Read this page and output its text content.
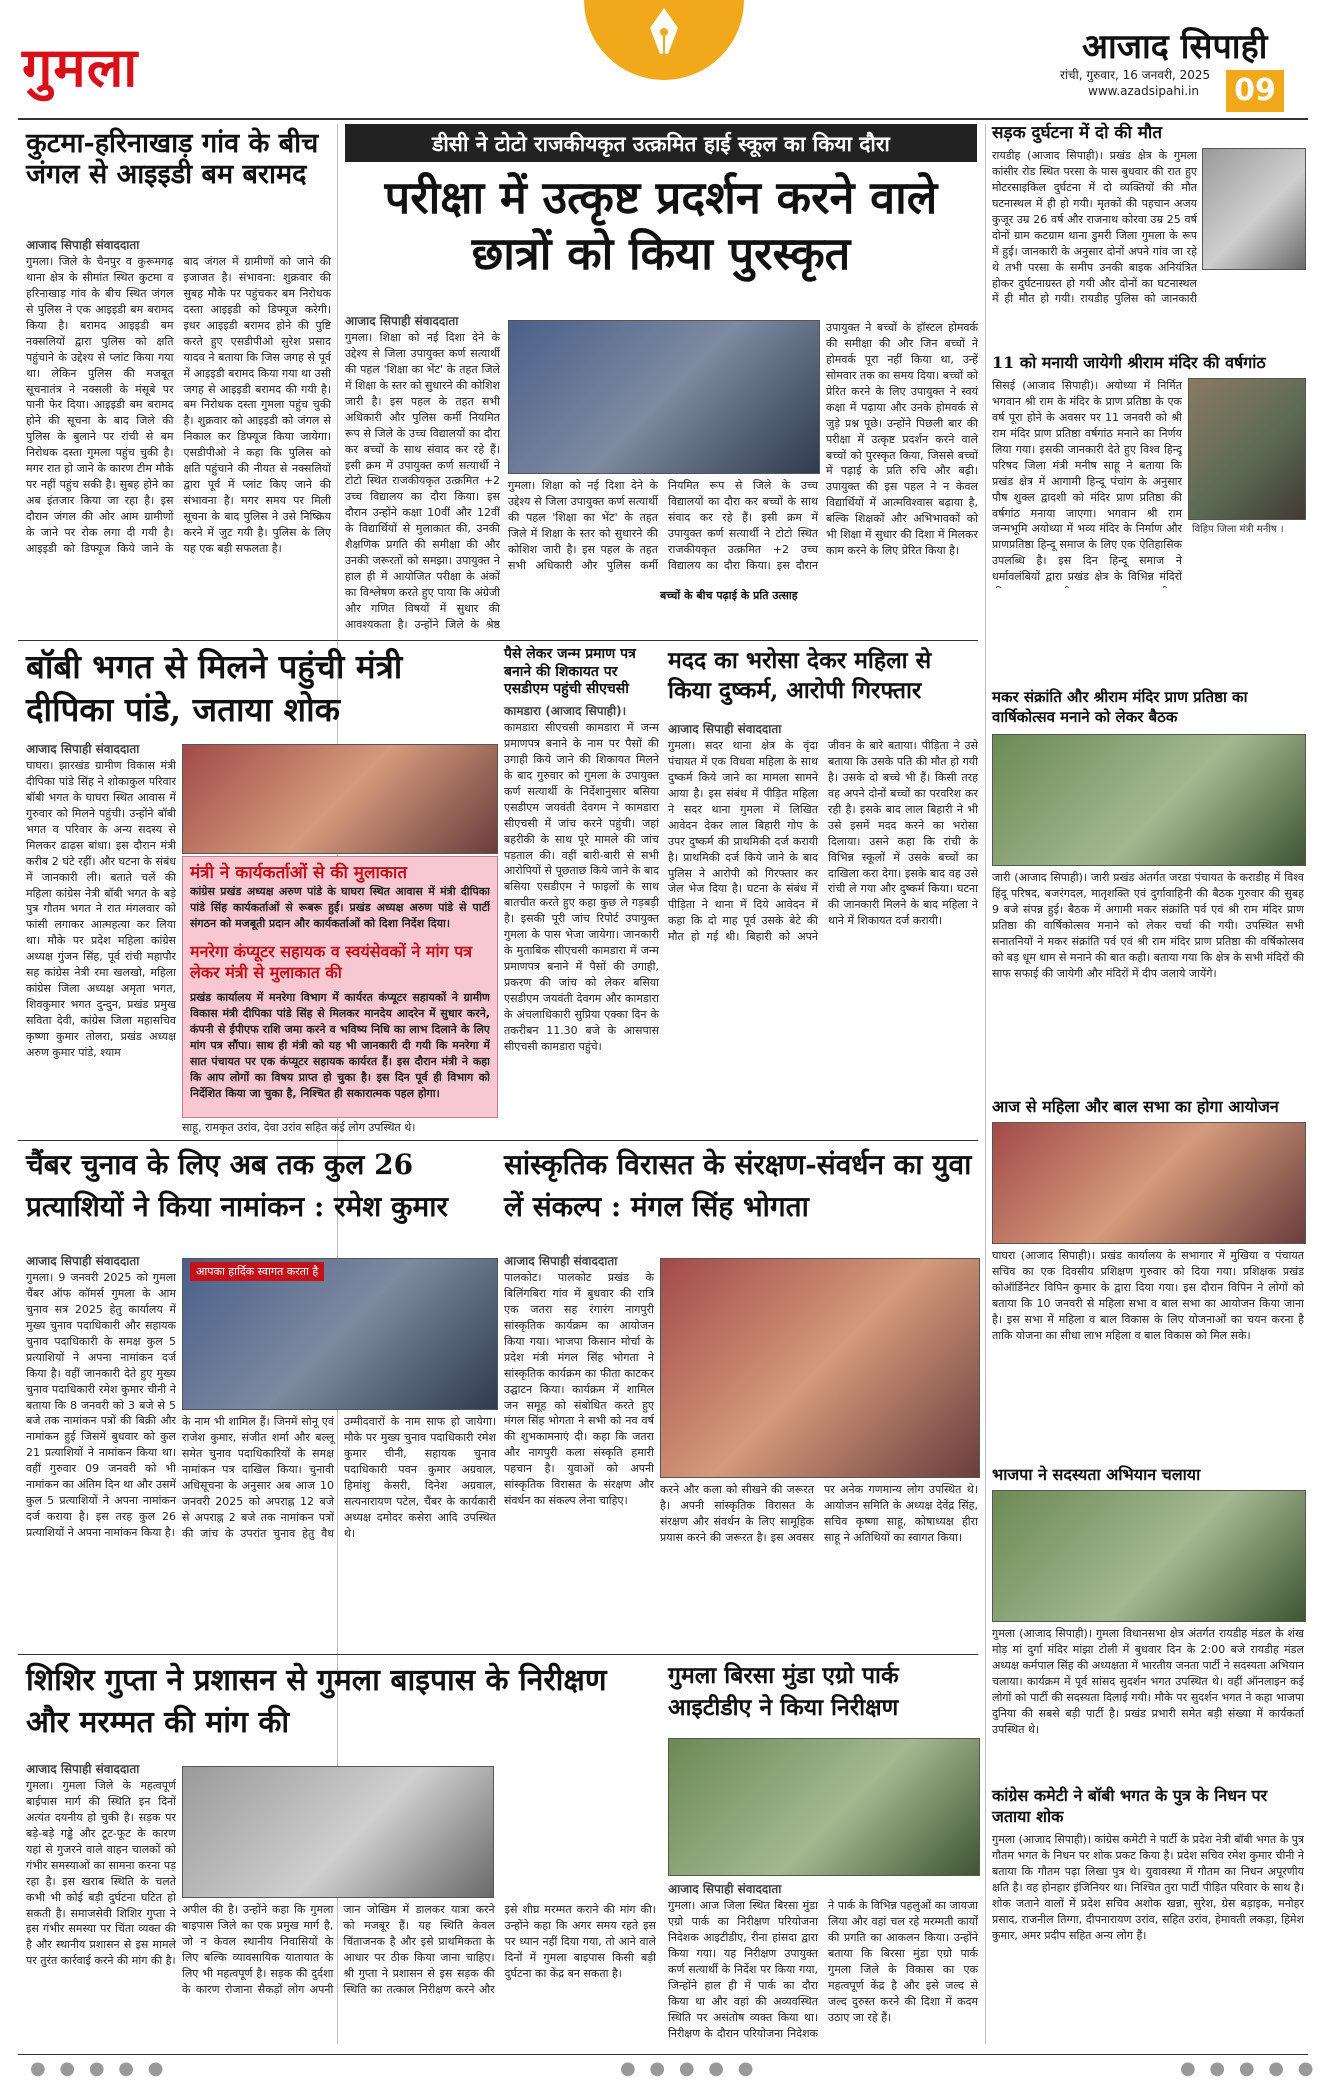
गुमला	आजाद सिपाही
रांची, गुरुवार, 16 जनवरी, 2025
www.azadsipahi.in 09
कुटमा-हरिनाखाड़ गांव के बीच जंगल से आइइडी बम बरामद
आजाद सिपाही संवाददाता
गुमला। जिले के चैनपुर व कुरूमगढ़ थाना क्षेत्र के सीमांत स्थित कुटमा व हरिनाखाड़ गांव के बीच स्थित जंगल से पुलिस ने एक आइइडी बम बरामद किया है। बरामद आइइडी बम नक्सलियों द्वारा पुलिस को क्षति पहुंचाने के उद्देश्य से प्लांट किया गया था। लेकिन पुलिस की मजबूत सूचनातंत्र ने नक्सली के मंसूबे पर पानी फेर दिया। आइइडी बम बरामद होने की सूचना के बाद जिले की पुलिस के बुलाने पर रांची से बम निरोधक दस्ता गुमला पहुंच चुकी है। मगर रात हो जाने के कारण टीम मौके पर नहीं पहुंच सकी है। सुबह होने का अब इंतजार किया जा रहा है। इस दौरान जंगल की ओर आम ग्रामीणों के जाने पर रोक लगा दी गयी है। आइइडी को डिफ्यूज किये जाने के बाद जंगल में ग्रामीणों को जाने की इजाजत है। संभावना: शुक्रवार की सुबह मौके पर पहुंचकर बम निरोधक दस्ता आइइडी को डिफ्यूज करेगी। इधर आइइडी बरामद होने की पुष्टि करते हुए एसडीपीओ सुरेश प्रसाद यादव ने बताया कि जिस जगह से पूर्व में आइइडी बरामद किया गया था उसी जगह से आइइडी बरामद की गयी है। बम निरोधक दस्ता गुमला पहुंच चुकी है। शुक्रवार को आइइडी को जंगल से निकाल कर डिफ्यूज किया जायेगा। एसडीपीओ ने कहा कि पुलिस को क्षति पहुंचाने की नीयत से नक्सलियों द्वारा पूर्व में प्लांट किए जाने की संभावना है। मगर समय पर मिली सूचना के बाद पुलिस ने उसे निष्क्रिय करने में जुट गयी है। पुलिस के लिए यह एक बड़ी सफलता है।
डीसी ने टोटो राजकीयकृत उत्क्रमित हाई स्कूल का किया दौरा
परीक्षा में उत्कृष्ट प्रदर्शन करने वाले छात्रों को किया पुरस्कृत
आजाद सिपाही संवाददाता
गुमला। शिक्षा को नई दिशा देने के उद्देश्य से जिला उपायुक्त कर्ण सत्यार्थी की पहल 'शिक्षा का भेंट' के तहत जिले में शिक्षा के स्तर को सुधारने की कोशिश जारी है। इस पहल के तहत सभी अधिकारी और पुलिस कर्मी नियमित रूप से जिले के उच्च विद्यालयों का दौरा कर बच्चों के साथ संवाद कर रहे हैं। इसी क्रम में उपायुक्त कर्ण सत्यार्थी ने टोटो स्थित राजकीयकृत उत्क्रमित +2 उच्च विद्यालय का दौरा किया। इस दौरान उन्होंने कक्षा 10वीं और 12वीं के विद्यार्थियों से मुलाकात की, उनकी शैक्षणिक प्रगति की समीक्षा की और उनकी जरूरतों को समझा। उपायुक्त ने हाल ही में आयोजित परीक्षा के अंकों का विश्लेषण करते हुए पाया कि अंग्रेजी और गणित विषयों में सुधार की आवश्यकता है। उन्होंने जिले के श्रेष्ठ
गुमला। शिक्षा को नई दिशा देने के उद्देश्य से जिला उपायुक्त कर्ण सत्यार्थी की पहल 'शिक्षा का भेंट' के तहत जिले में शिक्षा के स्तर को सुधारने की कोशिश जारी है। इस पहल के तहत सभी अधिकारी और पुलिस कर्मी नियमित रूप से जिले के उच्च विद्यालयों का दौरा कर बच्चों के साथ संवाद कर रहे हैं। इसी क्रम में उपायुक्त कर्ण सत्यार्थी ने टोटो स्थित राजकीयकृत उत्क्रमित +2 उच्च विद्यालय का दौरा किया। इस दौरान
बच्चों के बीच पढ़ाई के प्रति उत्साह
उपायुक्त ने बच्चों के हॉस्टल होमवर्क की समीक्षा की और जिन बच्चों ने होमवर्क पूरा नहीं किया था, उन्हें सोमवार तक का समय दिया। बच्चों को प्रेरित करने के लिए उपायुक्त ने स्वयं कक्षा में पढ़ाया और उनके होमवर्क से जुड़े प्रश्न पूछे। उन्होंने पिछली बार की परीक्षा में उत्कृष्ट प्रदर्शन करने वाले बच्चों को पुरस्कृत किया, जिससे बच्चों में पढ़ाई के प्रति रुचि और बढ़ी। उपायुक्त की इस पहल ने न केवल विद्यार्थियों में आत्मविश्वास बढ़ाया है, बल्कि शिक्षकों और अभिभावकों को भी शिक्षा में सुधार की दिशा में मिलकर काम करने के लिए प्रेरित किया है।
सड़क दुर्घटना में दो की मौत
रायडीह (आजाद सिपाही)। प्रखंड क्षेत्र के गुमला कांसीर रोड स्थित परसा के पास बुधवार की रात हुए मोटरसाइकिल दुर्घटना में दो व्यक्तियों की मौत घटनास्थल में ही हो गयी। मृतकों की पहचान अजय कुजूर उम्र 26 वर्ष और राजनाथ कोरवा उम्र 25 वर्ष दोनों ग्राम कटग्राम थाना डुमरी जिला गुमला के रूप में हुई। जानकारी के अनुसार दोनों अपने गांव जा रहे थे तभी परसा के समीप उनकी बाइक अनियंत्रित होकर दुर्घटनाग्रस्त हो गयी और दोनों का घटनास्थल में ही मौत हो गयी। रायडीह पुलिस को जानकारी
11 को मनायी जायेगी श्रीराम मंदिर की वर्षगांठ
सिसई (आजाद सिपाही)। अयोध्या में निर्मित भगवान श्री राम के मंदिर के प्राण प्रतिष्ठा के एक वर्ष पूरा होने के अवसर पर 11 जनवरी को श्री राम मंदिर प्राण प्रतिष्ठा वर्षगांठ मनाने का निर्णय लिया गया। इसकी जानकारी देते हुए विश्व हिन्दू परिषद जिला मंत्री मनीष साहू ने बताया कि प्रखंड क्षेत्र में आगामी हिन्दू पंचांग के अनुसार पौष शुक्ल द्वादशी को मंदिर प्राण प्रतिष्ठा की वर्षगांठ मनाया जाएगा। भगवान श्री राम जन्मभूमि अयोध्या में भव्य मंदिर के निर्माण और प्राणप्रतिष्ठा हिन्दू समाज के लिए एक ऐतिहासिक उपलब्धि है। इस दिन हिन्दू समाज ने धर्मावलंबियों द्वारा प्रखंड क्षेत्र के विभिन्न मंदिरों
विहिप जिला मंत्री मनीष ।
बॉबी भगत से मिलने पहुंची मंत्री दीपिका पांडे, जताया शोक
आजाद सिपाही संवाददाता
घाघरा। झारखंड ग्रामीण विकास मंत्री दीपिका पांडे सिंह ने शोकाकुल परिवार बॉबी भगत के घाघरा स्थित आवास में गुरुवार को मिलने पहुंची। उन्होंने बॉबी भगत व परिवार के अन्य सदस्य से मिलकर ढाढ़स बांधा। इस दौरान मंत्री करीब 2 घंटे रहीं। और घटना के संबंध में जानकारी ली। बताते चलें की महिला कांग्रेस नेत्री बॉबी भगत के बड़े पुत्र गौतम भगत ने रात मंगलवार को फांसी लगाकर आत्महत्या कर लिया था। मौके पर प्रदेश महिला कांग्रेस अध्यक्ष गुंजन सिंह, पूर्व रांची महापौर सह कांग्रेस नेत्री रमा खलखो, महिला कांग्रेस जिला अध्यक्ष अमृता भगत, शिवकुमार भगत दुन्दुन, प्रखंड प्रमुख सविता देवी, कांग्रेस जिला महासचिव कृष्णा कुमार तोलरा, प्रखंड अध्यक्ष अरुण कुमार पांडे, श्याम
मंत्री ने कार्यकर्ताओं से की मुलाकात
कांग्रेस प्रखंड अध्यक्ष अरुण पांडे के घाघरा स्थित आवास में मंत्री दीपिका पांडे सिंह कार्यकर्ताओं से रूबरू हुईं। प्रखंड अध्यक्ष अरुण पांडे से पार्टी संगठन को मजबूती प्रदान और कार्यकर्ताओं को दिशा निर्देश दिया।
मनरेगा कंप्यूटर सहायक व स्वयंसेवकों ने मांग पत्र लेकर मंत्री से मुलाकात की
प्रखंड कार्यालय में मनरेगा विभाग में कार्यरत कंप्यूटर सहायकों ने ग्रामीण विकास मंत्री दीपिका पांडे सिंह से मिलकर मानदेय आदरेन में सुधार करने, कंपनी से ईपीएफ राशि जमा करने व भविष्य निधि का लाभ दिलाने के लिए मांग पत्र सौंपा। साथ ही मंत्री को यह भी जानकारी दी गयी कि मनरेगा में सात पंचायत पर एक कंप्यूटर सहायक कार्यरत हैं। इस दौरान मंत्री ने कहा कि आप लोगों का विषय प्राप्त हो चुका है। इस दिन पूर्व ही विभाग को निर्देशित किया जा चुका है, निश्चित ही सकारात्मक पहल होगा।
साहू, रामकृत उरांव, देवा उरांव सहित कई लोग उपस्थित थे।
पैसे लेकर जन्म प्रमाण पत्र बनाने की शिकायत पर एसडीएम पहुंची सीएचसी
कामडारा (आजाद सिपाही)।
कामडारा सीएचसी कामडारा में जन्म प्रमाणपत्र बनाने के नाम पर पैसों की उगाही किये जाने की शिकायत मिलने के बाद गुरुवार को गुमला के उपायुक्त कर्ण सत्यार्थी के निर्देशानुसार बसिया एसडीएम जयवंती देवगम ने कामडारा सीएचसी में जांच करने पहुंची। जहां बहरीकी के साथ पूरे मामले की जांच पड़ताल की। वहीं बारी-बारी से सभी आरोपियों से पूछताछ किये जाने के बाद बसिया एसडीएम ने फाइलों के साथ बातचीत करते हुए कहा कुछ ले गड़बड़ी है। इसकी पूरी जांच रिपोर्ट उपायुक्त गुमला के पास भेजा जायेगा। जानकारी के मुताबिक सीएचसी कामडारा में जन्म प्रमाणपत्र बनाने में पैसों की उगाही, प्रकरण की जांच को लेकर बसिया एसडीएम जयवंती देवगम और कामडारा के अंचलाधिकारी सुप्रिया एक्का दिन के तकरीबन 11.30 बजे के आसपास सीएचसी कामडारा पहुंचे।
मदद का भरोसा देकर महिला से किया दुष्कर्म, आरोपी गिरफ्तार
आजाद सिपाही संवाददाता
गुमला। सदर थाना क्षेत्र के वृंदा पंचायत में एक विधवा महिला के साथ दुष्कर्म किये जाने का मामला सामने आया है। इस संबंध में पीड़ित महिला ने सदर थाना गुमला में लिखित आवेदन देकर लाल बिहारी गोप के उपर दुष्कर्म की प्राथमिकी दर्ज करायी है। प्राथमिकी दर्ज किये जाने के बाद पुलिस ने आरोपी को गिरफ्तार कर जेल भेज दिया है। घटना के संबंध में पीड़िता ने थाना में दिये आवेदन में कहा कि दो माह पूर्व उसके बेटे की मौत हो गई थी। बिहारी को अपने जीवन के बारे बताया। पीड़िता ने उसे बताया कि उसके पति की मौत हो गयी है। उसके दो बच्चे भी हैं। किसी तरह वह अपने दोनों बच्चों का परवरिश कर रही है। इसके बाद लाल बिहारी ने भी उसे इसमें मदद करने का भरोसा दिलाया। उसने कहा कि रांची के विभिन्न स्कूलों में उसके बच्चों का दाखिला करा देगा। इसके बाद वह उसे रांची ले गया और दुष्कर्म किया। घटना की जानकारी मिलने के बाद महिला ने थाने में शिकायत दर्ज करायी।
मकर संक्रांति और श्रीराम मंदिर प्राण प्रतिष्ठा का वार्षिकोत्सव मनाने को लेकर बैठक
जारी (आजाद सिपाही)। जारी प्रखंड अंतर्गत जरडा पंचायत के कराडीह में विश्व हिंदू परिषद, बजरंगदल, मातृशक्ति एवं दुर्गावाहिनी की बैठक गुरुवार की सुबह 9 बजे संपन्न हुई। बैठक में अगामी मकर संक्रांति पर्व एवं श्री राम मंदिर प्राण प्रतिष्ठा की वार्षिकोत्सव मनाने को लेकर चर्चा की गयी। उपस्थित सभी सनातनियों ने मकर संक्रांति पर्व एवं श्री राम मंदिर प्राण प्रतिष्ठा की वर्षिकोत्सव को बड़ धूम धाम से मनाने की बात कही। बताया गया कि क्षेत्र के सभी मंदिरों की साफ सफाई की जायेगी और मंदिरों में दीप जलाये जायेंगे।
आज से महिला और बाल सभा का होगा आयोजन
घाघरा (आजाद सिपाही)। प्रखंड कार्यालय के सभागार में मुखिया व पंचायत सचिव का एक दिवसीय प्रशिक्षण गुरुवार को दिया गया। प्रशिक्षक प्रखंड कोऑर्डिनेटर विपिन कुमार के द्वारा दिया गया। इस दौरान विपिन ने लोगों को बताया कि 10 जनवरी से महिला सभा व बाल सभा का आयोजन किया जाना है। इस सभा में महिला व बाल विकास के लिए योजनाओं का चयन करना है ताकि योजना का सीधा लाभ महिला व बाल विकास को मिल सके।
चैंबर चुनाव के लिए अब तक कुल 26 प्रत्याशियों ने किया नामांकन : रमेश कुमार
आजाद सिपाही संवाददाता
गुमला। 9 जनवरी 2025 को गुमला चैंबर ऑफ कॉमर्स गुमला के आम चुनाव सत्र 2025 हेतु कार्यालय में मुख्य चुनाव पदाधिकारी और सहायक चुनाव पदाधिकारी के समक्ष कुल 5 प्रत्याशियों ने अपना नामांकन दर्ज किया है। वहीं जानकारी देते हुए मुख्य चुनाव पदाधिकारी रमेश कुमार चीनी ने बताया कि 8 जनवरी को 3 बजे से 5 बजे तक नामांकन पत्रों की बिक्री और नामांकन हुई जिसमें बुधवार को कुल 21 प्रत्याशियों ने नामांकन किया था। वहीं गुरुवार 09 जनवरी को भी नामांकन का अंतिम दिन था और उसमें कुल 5 प्रत्याशियों ने अपना नामांकन दर्ज कराया है। इस तरह कुल 26 प्रत्याशियों ने अपना नामांकन किया है।
आपका हार्दिक स्वागत करता है
के नाम भी शामिल हैं। जिनमें सोनू एवं राजेश कुमार, संजीत शर्मा और बल्लू समेत चुनाव पदाधिकारियों के समक्ष नामांकन पत्र दाखिल किया। चुनावी अधिसूचना के अनुसार अब आज 10 जनवरी 2025 को अपराह्न 12 बजे से अपराह्न 2 बजे तक नामांकन पत्रों की जांच के उपरांत चुनाव हेतु वैध उम्मीदवारों के नाम साफ हो जायेगा। मौके पर मुख्य चुनाव पदाधिकारी रमेश कुमार चीनी, सहायक चुनाव पदाधिकारी पवन कुमार अग्रवाल, हिमांशु केसरी, दिनेश अग्रवाल, सत्यनारायण पटेल, चैंबर के कार्यकारी अध्यक्ष दमोदर कसेरा आदि उपस्थित थे।
सांस्कृतिक विरासत के संरक्षण-संवर्धन का युवा लें संकल्प : मंगल सिंह भोगता
आजाद सिपाही संवाददाता
पालकोट। पालकोट प्रखंड के बिलिंगबिरा गांव में बुधवार की रात्रि एक जतरा सह रंगारंग नागपुरी सांस्कृतिक कार्यक्रम का आयोजन किया गया। भाजपा किसान मोर्चा के प्रदेश मंत्री मंगल सिंह भोगता ने सांस्कृतिक कार्यक्रम का फीता काटकर उद्घाटन किया। कार्यक्रम में शामिल जन समूह को संबोधित करते हुए मंगल सिंह भोगता ने सभी को नव वर्ष की शुभकामनाएं दी। कहा कि जतरा और नागपुरी कला संस्कृति हमारी पहचान है। युवाओं को अपनी सांस्कृतिक विरासत के संरक्षण और संवर्धन का संकल्प लेना चाहिए।
करने और कला को सीखने की जरूरत है। अपनी सांस्कृतिक विरासत के संरक्षण और संवर्धन के लिए सामूहिक प्रयास करने की जरूरत है। इस अवसर पर अनेक गणमान्य लोग उपस्थित थे। आयोजन समिति के अध्यक्ष देवेंद्र सिंह, सचिव कृष्णा साहू, कोषाध्यक्ष हीरा साहू ने अतिथियों का स्वागत किया।
भाजपा ने सदस्यता अभियान चलाया
गुमला (आजाद सिपाही)। गुमला विधानसभा क्षेत्र अंतर्गत रायडीह मंडल के शंख मोड़ मां दुर्गा मंदिर मांझा टोली में बुधवार दिन के 2:00 बजे रायडीह मंडल अध्यक्ष कर्मपाल सिंह की अध्यक्षता में भारतीय जनता पार्टी ने सदस्यता अभियान चलाया। कार्यक्रम में पूर्व सांसद सुदर्शन भगत उपस्थित थे। वहीं ऑनलाइन कई लोगों को पार्टी की सदस्यता दिलाई गयी। मौके पर सुदर्शन भगत ने कहा भाजपा दुनिया की सबसे बड़ी पार्टी है। प्रखंड प्रभारी समेत बड़ी संख्या में कार्यकर्ता उपस्थित थे।
शिशिर गुप्ता ने प्रशासन से गुमला बाइपास के निरीक्षण और मरम्मत की मांग की
आजाद सिपाही संवाददाता
गुमला। गुमला जिले के महत्वपूर्ण बाईपास मार्ग की स्थिति इन दिनों अत्यंत दयनीय हो चुकी है। सड़क पर बड़े-बड़े गड्ढे और टूट-फूट के कारण यहां से गुजरने वाले वाहन चालकों को गंभीर समस्याओं का सामना करना पड़ रहा है। इस खराब स्थिति के चलते कभी भी कोई बड़ी दुर्घटना घटित हो सकती है। समाजसेवी शिशिर गुप्ता ने इस गंभीर समस्या पर चिंता व्यक्त की है और स्थानीय प्रशासन से इस मामले पर तुरंत कार्रवाई करने की मांग की है।
अपील की है। उन्होंने कहा कि गुमला बाइपास जिले का एक प्रमुख मार्ग है, जो न केवल स्थानीय निवासियों के लिए बल्कि व्यावसायिक यातायात के लिए भी महत्वपूर्ण है। सड़क की दुर्दशा के कारण रोजाना सैकड़ों लोग अपनी जान जोखिम में डालकर यात्रा करने को मजबूर हैं। यह स्थिति केवल चिंताजनक है और इसे प्राथमिकता के आधार पर ठीक किया जाना चाहिए। श्री गुप्ता ने प्रशासन से इस सड़क की स्थिति का तत्काल निरीक्षण करने और इसे शीघ्र मरम्मत कराने की मांग की। उन्होंने कहा कि अगर समय रहते इस पर ध्यान नहीं दिया गया, तो आने वाले दिनों में गुमला बाइपास किसी बड़ी दुर्घटना का केंद्र बन सकता है।
गुमला बिरसा मुंडा एग्रो पार्क आइटीडीए ने किया निरीक्षण
आजाद सिपाही संवाददाता
गुमला। आज जिला स्थित बिरसा मुंडा एग्रो पार्क का निरीक्षण परियोजना निदेशक आइटीडीए, रीना हांसदा द्वारा किया गया। यह निरीक्षण उपायुक्त कर्ण सत्यार्थी के निर्देश पर किया गया, जिन्होंने हाल ही में पार्क का दौरा किया था और वहां की अव्यवस्थित स्थिति पर असंतोष व्यक्त किया था। निरीक्षण के दौरान परियोजना निदेशक ने पार्क के विभिन्न पहलुओं का जायजा लिया और वहां चल रहे मरम्मती कार्यों की प्रगति का आकलन किया। उन्होंने बताया कि बिरसा मुंडा एग्रो पार्क गुमला जिले के विकास का एक महत्वपूर्ण केंद्र है और इसे जल्द से जल्द दुरुस्त करने की दिशा में कदम उठाए जा रहे हैं।
कांग्रेस कमेटी ने बॉबी भगत के पुत्र के निधन पर जताया शोक
गुमला (आजाद सिपाही)। कांग्रेस कमेटी ने पार्टी के प्रदेश नेत्री बॉबी भगत के पुत्र गौतम भगत के निधन पर शोक प्रकट किया है। प्रदेश सचिव रमेश कुमार चीनी ने बताया कि गौतम पढ़ा लिखा पुत्र थे। युवावस्था में गौतम का निधन अपूरणीय क्षति है। वह होनहार इंजिनियर था। निश्चित तुरा पार्टी पीड़ित परिवार के साथ है। शोक जताने वालों में प्रदेश सचिव अशोक खन्ना, सुरेश, ग्रेस बड़ाइक, मनोहर प्रसाद, राजनील तिग्गा, दीपनारायण उरांव, सहित उरांव, हेमावती लकड़ा, हिमेश कुमार, अमर प्रदीप सहित अन्य लोग हैं।
● ● ● ● ●	● ● ● ● ●	● ● ● ● ●
